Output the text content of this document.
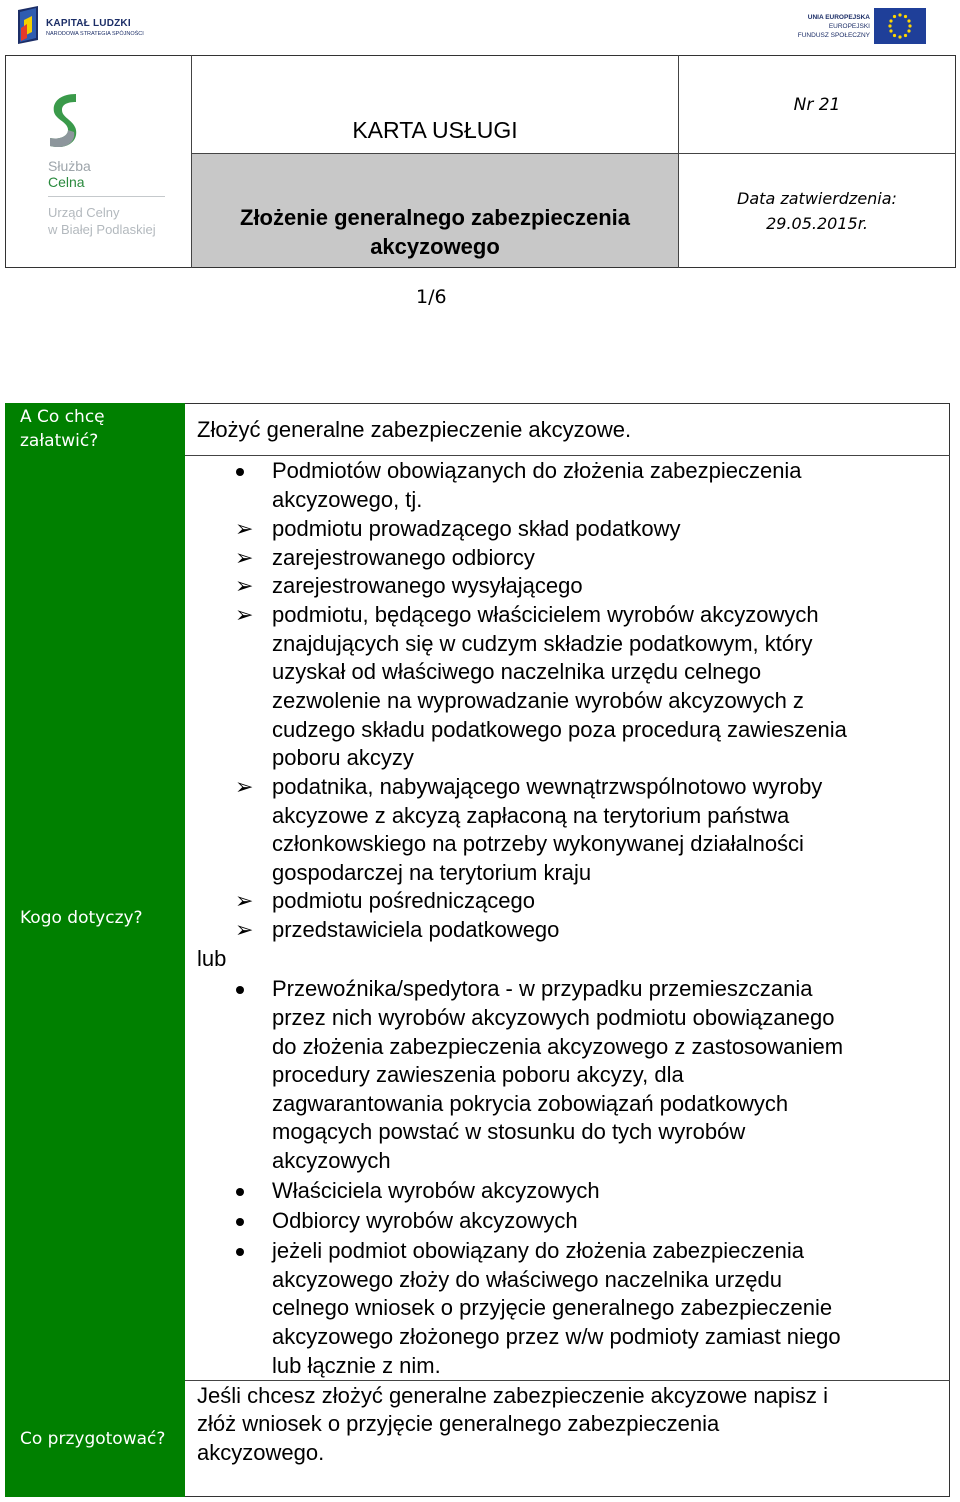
KAPITAŁ LUDZKI
NARODOWA STRATEGIA SPÓJNOŚCI
UNIA EUROPEJSKA
EUROPEJSKI
FUNDUSZ SPOŁECZNY
Służba
Celna
Urząd Celny
w Białej Podlaskiej
KARTA USŁUGI
Złożenie generalnego zabezpieczenia
akcyzowego
Nr 21
Data zatwierdzenia:
29.05.2015r.
1/6
A Co chcę
załatwić?
Kogo dotyczy?
Co przygotować?
Złożyć generalne zabezpieczenie akcyzowe.
Podmiotów obowiązanych do złożenia zabezpieczenia
akcyzowego, tj.
➢ podmiotu prowadzącego skład podatkowy
➢ zarejestrowanego odbiorcy
➢ zarejestrowanego wysyłającego
➢ podmiotu, będącego właścicielem wyrobów akcyzowych
znajdujących się w cudzym składzie podatkowym, który
uzyskał od właściwego naczelnika urzędu celnego
zezwolenie na wyprowadzanie wyrobów akcyzowych z
cudzego składu podatkowego poza procedurą zawieszenia
poboru akcyzy
➢ podatnika, nabywającego wewnątrzwspólnotowo wyroby
akcyzowe z akcyzą zapłaconą na terytorium państwa
członkowskiego na potrzeby wykonywanej działalności
gospodarczej na terytorium kraju
➢ podmiotu pośredniczącego
➢ przedstawiciela podatkowego
lub
Przewoźnika/spedytora - w przypadku przemieszczania
przez nich wyrobów akcyzowych podmiotu obowiązanego
do złożenia zabezpieczenia akcyzowego z zastosowaniem
procedury zawieszenia poboru akcyzy, dla
zagwarantowania pokrycia zobowiązań podatkowych
mogących powstać w stosunku do tych wyrobów
akcyzowych
Właściciela wyrobów akcyzowych
Odbiorcy wyrobów akcyzowych
jeżeli podmiot obowiązany do złożenia zabezpieczenia
akcyzowego złoży do właściwego naczelnika urzędu
celnego wniosek o przyjęcie generalnego zabezpieczenie
akcyzowego złożonego przez w/w podmioty zamiast niego
lub łącznie z nim.
Jeśli chcesz złożyć generalne zabezpieczenie akcyzowe napisz i
złóż wniosek o przyjęcie generalnego zabezpieczenia
akcyzowego.
